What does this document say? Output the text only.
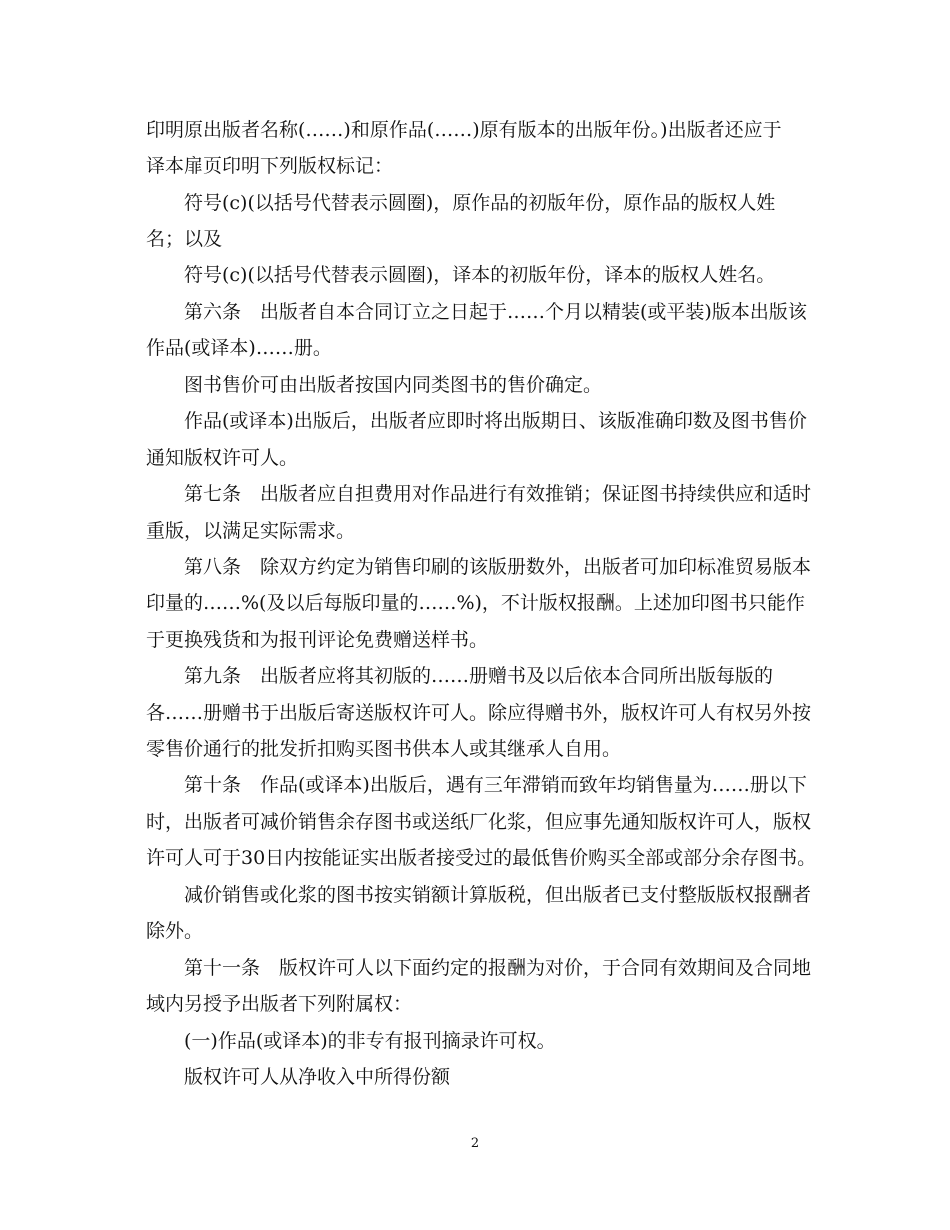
印明原出版者名称(……)和原作品(……)原有版本的出版年份。)出版者还应于
译本扉页印明下列版权标记：
符号(c)(以括号代替表示圆圈)，原作品的初版年份，原作品的版权人姓
名；以及
符号(c)(以括号代替表示圆圈)，译本的初版年份，译本的版权人姓名。
第六条　出版者自本合同订立之日起于……个月以精装(或平装)版本出版该
作品(或译本)……册。
图书售价可由出版者按国内同类图书的售价确定。
作品(或译本)出版后，出版者应即时将出版期日、该版准确印数及图书售价
通知版权许可人。
第七条　出版者应自担费用对作品进行有效推销；保证图书持续供应和适时
重版，以满足实际需求。
第八条　除双方约定为销售印刷的该版册数外，出版者可加印标准贸易版本
印量的……%(及以后每版印量的……%)，不计版权报酬。上述加印图书只能作
于更换残货和为报刊评论免费赠送样书。
第九条　出版者应将其初版的……册赠书及以后依本合同所出版每版的
各……册赠书于出版后寄送版权许可人。除应得赠书外，版权许可人有权另外按
零售价通行的批发折扣购买图书供本人或其继承人自用。
第十条　作品(或译本)出版后，遇有三年滞销而致年均销售量为……册以下
时，出版者可减价销售余存图书或送纸厂化浆，但应事先通知版权许可人，版权
许可人可于30日内按能证实出版者接受过的最低售价购买全部或部分余存图书。
减价销售或化浆的图书按实销额计算版税，但出版者已支付整版版权报酬者
除外。
第十一条　版权许可人以下面约定的报酬为对价，于合同有效期间及合同地
域内另授予出版者下列附属权：
(一)作品(或译本)的非专有报刊摘录许可权。
版权许可人从净收入中所得份额
2
